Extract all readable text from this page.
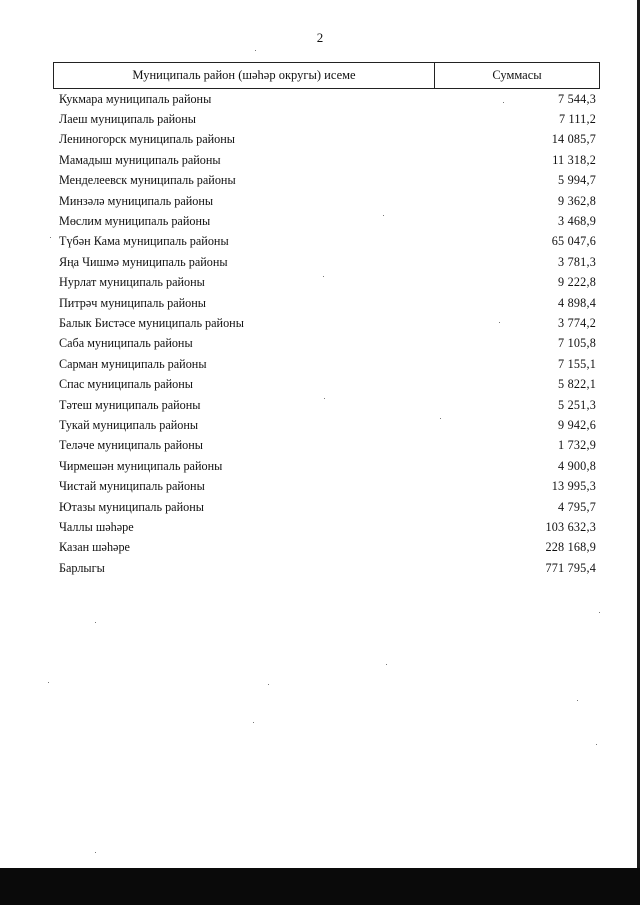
2
Муниципаль район (шәһәр округы) исеме	Суммасы
Кукмара муниципаль районы	7 544,3
Лаеш муниципаль районы	7 111,2
Лениногорск муниципаль районы	14 085,7
Мамадыш муниципаль районы	11 318,2
Менделеевск муниципаль районы	5 994,7
Минзәлә муниципаль районы	9 362,8
Мөслим муниципаль районы	3 468,9
Түбән Кама муниципаль районы	65 047,6
Яңа Чишмә муниципаль районы	3 781,3
Нурлат муниципаль районы	9 222,8
Питрәч муниципаль районы	4 898,4
Балык Бистәсе муниципаль районы	3 774,2
Саба муниципаль районы	7 105,8
Сарман муниципаль районы	7 155,1
Спас муниципаль районы	5 822,1
Тәтеш муниципаль районы	5 251,3
Тукай муниципаль районы	9 942,6
Теләче муниципаль районы	1 732,9
Чирмешән муниципаль районы	4 900,8
Чистай муниципаль районы	13 995,3
Ютазы муниципаль районы	4 795,7
Чаллы шәһәре	103 632,3
Казан шәһәре	228 168,9
Барлыгы	771 795,4
